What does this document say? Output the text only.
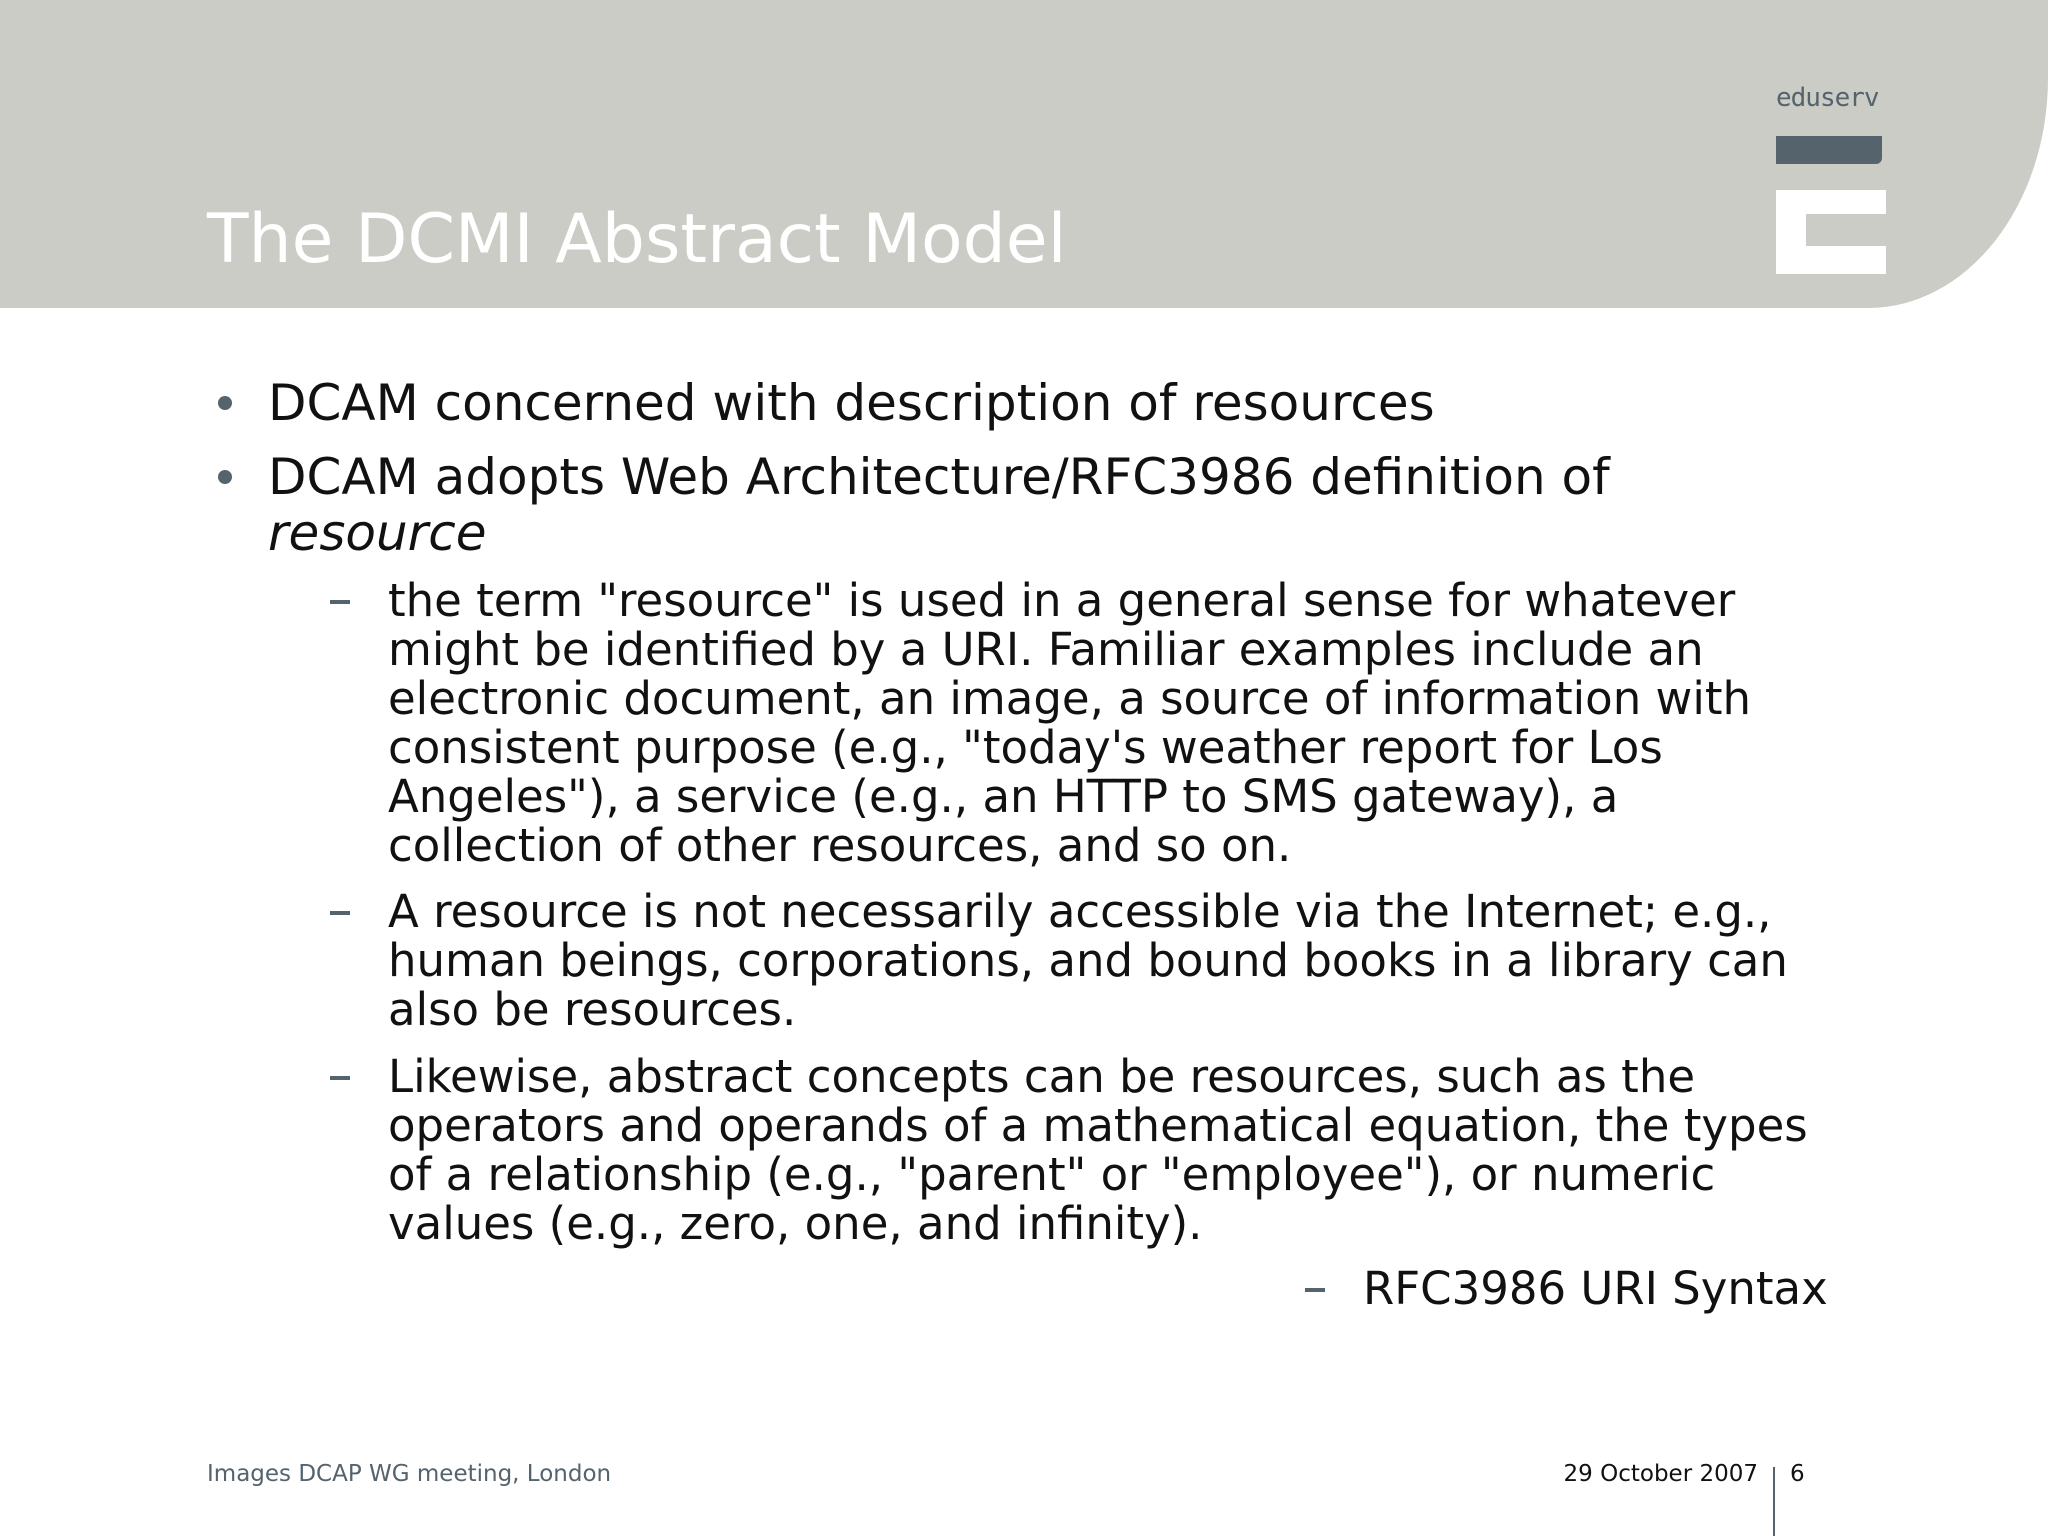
The DCMI Abstract Model
eduserv
DCAM concerned with description of resources
DCAM adopts Web Architecture/RFC3986 definition of
resource
the term "resource" is used in a general sense for whatever
might be identified by a URI. Familiar examples include an
electronic document, an image, a source of information with
consistent purpose (e.g., "today's weather report for Los
Angeles"), a service (e.g., an HTTP to SMS gateway), a
collection of other resources, and so on.
A resource is not necessarily accessible via the Internet; e.g.,
human beings, corporations, and bound books in a library can
also be resources.
Likewise, abstract concepts can be resources, such as the
operators and operands of a mathematical equation, the types
of a relationship (e.g., "parent" or "employee"), or numeric
values (e.g., zero, one, and infinity).
RFC3986 URI Syntax
Images DCAP WG meeting, London	29 October 2007 6
